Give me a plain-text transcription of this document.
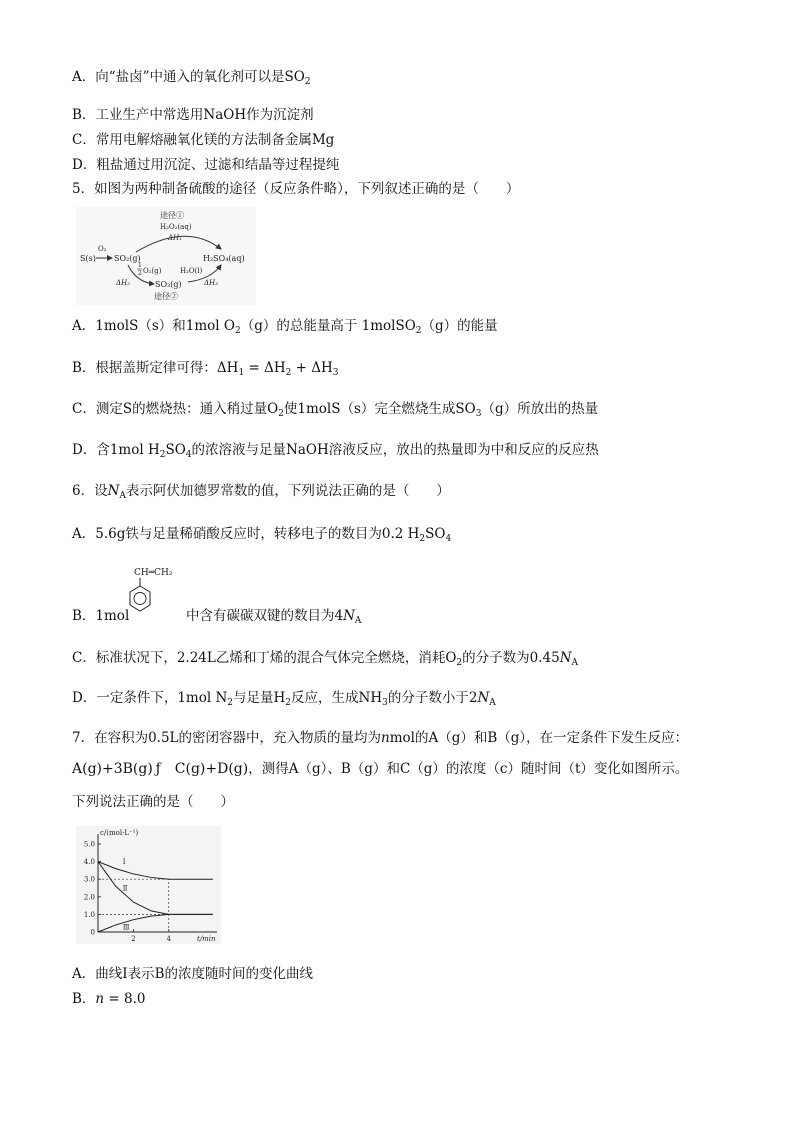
A．向“盐卤”中通入的氧化剂可以是$SO_2$
B．工业生产中常选用NaOH作为沉淀剂
C．常用电解熔融氧化镁的方法制备金属Mg
D．粗盐通过用沉淀、过滤和结晶等过程提纯
5．如图为两种制备硫酸的途径（反应条件略），下列叙述正确的是（　　）
途径①
H₂O₂(aq)
ΔH₁
S(s)
O₂
SO₂(g)	H₂SO₄(aq)
1
2 O₂(g)
ΔH₂	SO₃(g)
H₂O(l)
ΔH₃
途径②
A．1molS（s）和1mol $O_2(g)$的总能量高于 1molSO$_2$（g）的能量
B．根据盖斯定律可得：$\Delta H_1 = \Delta H_2 + \Delta H_3$
C．测定S的燃烧热：通入稍过量$O_2$使1molS（s）完全燃烧生成$SO_3(g)$所放出的热量
D．含1mol $H_2SO_4$的浓溶液与足量NaOH溶液反应，放出的热量即为中和反应的反应热
6．设$N_A$表示阿伏加德罗常数的值，下列说法正确的是（　　）
A．5.6g铁与足量稀硝酸反应时，转移电子的数目为0.2 $H_2SO_4$
B．1mol
CH═CH₂
中含有碳碳双键的数目为$4N_A$
C．标准状况下，2.24L乙烯和丁烯的混合气体完全燃烧，消耗$O_2$的分子数为$0.45N_A$
D．一定条件下，1mol $N_2$与足量$H_2$反应，生成$NH_3$的分子数小于$2N_A$
7．在容积为0.5L的密闭容器中，充入物质的量均为nmol的A（g）和B（g），在一定条件下发生反应：
A(g)+3B(g) ƒ C(g)+D(g)，测得A（g）、B（g）和C（g）的浓度（c）随时间（t）变化如图所示。
下列说法正确的是（　　）
c/(mol·L⁻¹)
t/min
0
1.0
2.0
3.0
4.0
5.0
2	4
Ⅰ
Ⅱ
Ⅲ
A．曲线Ⅰ表示B的浓度随时间的变化曲线
B．n = 8.0
